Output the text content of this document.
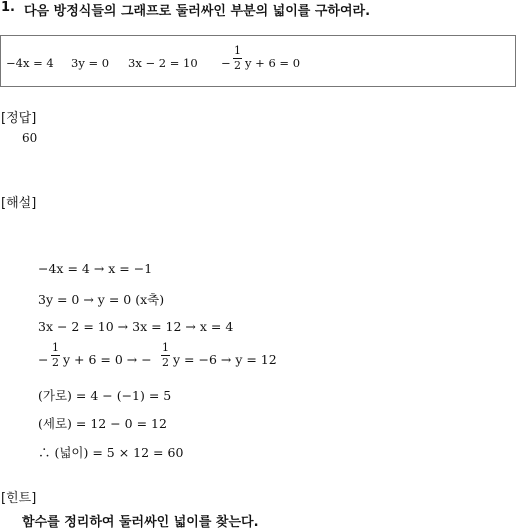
1. 다음 방정식들의 그래프로 둘러싸인 부분의 넓이를 구하여라.
−4x = 4 3y = 0 3x − 2 = 10 −
1
2 y + 6 = 0
[정답]
60
[해설]
−4x = 4 → x = −1
3y = 0 → y = 0 (x축)
3x − 2 = 10 → 3x = 12 → x = 4
−
1
2 y + 6 = 0 → −
1
2 y = −6 → y = 12
(가로) = 4 − (−1) = 5
(세로) = 12 − 0 = 12
∴ (넓이) = 5 × 12 = 60
[힌트]
함수를 정리하여 둘러싸인 넓이를 찾는다.
